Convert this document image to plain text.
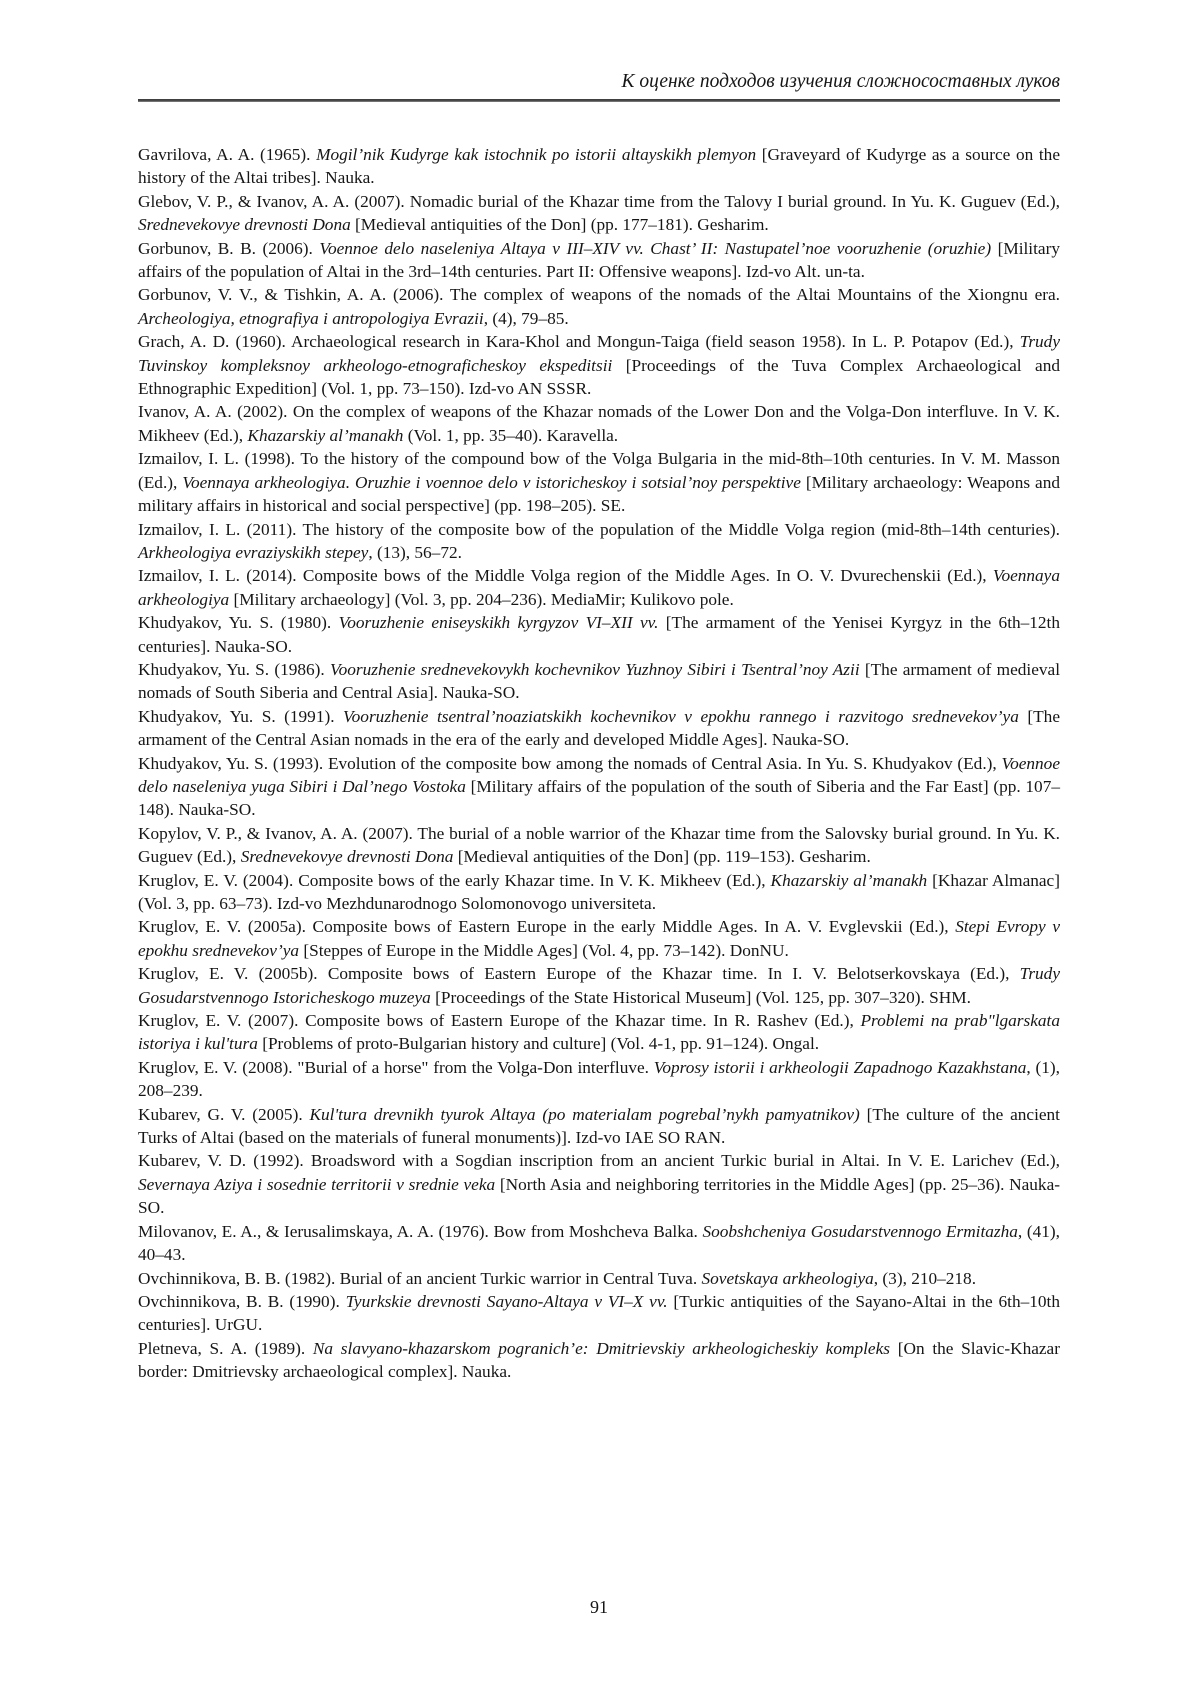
К оценке подходов изучения сложносоставных луков

Gavrilova, A. A. (1965). Mogil’nik Kudyrge kak istochnik po istorii altayskikh plemyon [Graveyard of Kudyrge as a source on the history of the Altai tribes]. Nauka.

Glebov, V. P., & Ivanov, A. A. (2007). Nomadic burial of the Khazar time from the Talovy I burial ground. In Yu. K. Guguev (Ed.), Srednevekovye drevnosti Dona [Medieval antiquities of the Don] (pp. 177–181). Gesharim.

Gorbunov, B. B. (2006). Voennoe delo naseleniya Altaya v III–XIV vv. Chast’ II: Nastupatel’noe vooruzhenie (oruzhie) [Military affairs of the population of Altai in the 3rd–14th centuries. Part II: Offensive weapons]. Izd-vo Alt. un-ta.

Gorbunov, V. V., & Tishkin, A. A. (2006). The complex of weapons of the nomads of the Altai Mountains of the Xiongnu era. Archeologiya, etnografiya i antropologiya Evrazii, (4), 79–85.

Grach, A. D. (1960). Archaeological research in Kara-Khol and Mongun-Taiga (field season 1958). In L. P. Potapov (Ed.), Trudy Tuvinskoy kompleksnoy arkheologo-etnograficheskoy ekspeditsii [Proceedings of the Tuva Complex Archaeological and Ethnographic Expedition] (Vol. 1, pp. 73–150). Izd-vo AN SSSR.

Ivanov, A. A. (2002). On the complex of weapons of the Khazar nomads of the Lower Don and the Volga-Don interfluve. In V. K. Mikheev (Ed.), Khazarskiy al’manakh (Vol. 1, pp. 35–40). Karavella.

Izmailov, I. L. (1998). To the history of the compound bow of the Volga Bulgaria in the mid-8th–10th centuries. In V. M. Masson (Ed.), Voennaya arkheologiya. Oruzhie i voennoe delo v istoricheskoy i sotsial’noy perspektive [Military archaeology: Weapons and military affairs in historical and social perspective] (pp. 198–205). SE.

Izmailov, I. L. (2011). The history of the composite bow of the population of the Middle Volga region (mid-8th–14th centuries). Arkheologiya evraziyskikh stepey, (13), 56–72.

Izmailov, I. L. (2014). Composite bows of the Middle Volga region of the Middle Ages. In O. V. Dvurechenskii (Ed.), Voennaya arkheologiya [Military archaeology] (Vol. 3, pp. 204–236). MediaMir; Kulikovo pole.

Khudyakov, Yu. S. (1980). Vooruzhenie eniseyskikh kyrgyzov VI–XII vv. [The armament of the Yenisei Kyrgyz in the 6th–12th centuries]. Nauka-SO.

Khudyakov, Yu. S. (1986). Vooruzhenie srednevekovykh kochevnikov Yuzhnoy Sibiri i Tsentral’noy Azii [The armament of medieval nomads of South Siberia and Central Asia]. Nauka-SO.

Khudyakov, Yu. S. (1991). Vooruzhenie tsentral’noaziatskikh kochevnikov v epokhu rannego i razvitogo srednevekov’ya [The armament of the Central Asian nomads in the era of the early and developed Middle Ages]. Nauka-SO.

Khudyakov, Yu. S. (1993). Evolution of the composite bow among the nomads of Central Asia. In Yu. S. Khudyakov (Ed.), Voennoe delo naseleniya yuga Sibiri i Dal’nego Vostoka [Military affairs of the population of the south of Siberia and the Far East] (pp. 107–148). Nauka-SO.

Kopylov, V. P., & Ivanov, A. A. (2007). The burial of a noble warrior of the Khazar time from the Salovsky burial ground. In Yu. K. Guguev (Ed.), Srednevekovye drevnosti Dona [Medieval antiquities of the Don] (pp. 119–153). Gesharim.

Kruglov, E. V. (2004). Composite bows of the early Khazar time. In V. K. Mikheev (Ed.), Khazarskiy al’manakh [Khazar Almanac] (Vol. 3, pp. 63–73). Izd-vo Mezhdunarodnogo Solomonovogo universiteta.

Kruglov, E. V. (2005a). Composite bows of Eastern Europe in the early Middle Ages. In A. V. Evglevskii (Ed.), Stepi Evropy v epokhu srednevekov’ya [Steppes of Europe in the Middle Ages] (Vol. 4, pp. 73–142). DonNU.

Kruglov, E. V. (2005b). Composite bows of Eastern Europe of the Khazar time. In I. V. Belotserkovskaya (Ed.), Trudy Gosudarstvennogo Istoricheskogo muzeya [Proceedings of the State Historical Museum] (Vol. 125, pp. 307–320). SHM.

Kruglov, E. V. (2007). Composite bows of Eastern Europe of the Khazar time. In R. Rashev (Ed.), Problemi na prab"lgarskata istoriya i kul'tura [Problems of proto-Bulgarian history and culture] (Vol. 4-1, pp. 91–124). Ongal.

Kruglov, E. V. (2008). "Burial of a horse" from the Volga-Don interfluve. Voprosy istorii i arkheologii Zapadnogo Kazakhstana, (1), 208–239.

Kubarev, G. V. (2005). Kul'tura drevnikh tyurok Altaya (po materialam pogrebal’nykh pamyatnikov) [The culture of the ancient Turks of Altai (based on the materials of funeral monuments)]. Izd-vo IAE SO RAN.

Kubarev, V. D. (1992). Broadsword with a Sogdian inscription from an ancient Turkic burial in Altai. In V. E. Larichev (Ed.), Severnaya Aziya i sosednie territorii v srednie veka [North Asia and neighboring territories in the Middle Ages] (pp. 25–36). Nauka-SO.

Milovanov, E. A., & Ierusalimskaya, A. A. (1976). Bow from Moshcheva Balka. Soobshcheniya Gosudarstvennogo Ermitazha, (41), 40–43.

Ovchinnikova, B. B. (1982). Burial of an ancient Turkic warrior in Central Tuva. Sovetskaya arkheologiya, (3), 210–218.

Ovchinnikova, B. B. (1990). Tyurkskie drevnosti Sayano-Altaya v VI–X vv. [Turkic antiquities of the Sayano-Altai in the 6th–10th centuries]. UrGU.

Pletneva, S. A. (1989). Na slavyano-khazarskom pogranich’e: Dmitrievskiy arkheologicheskiy kompleks [On the Slavic-Khazar border: Dmitrievsky archaeological complex]. Nauka.

91
